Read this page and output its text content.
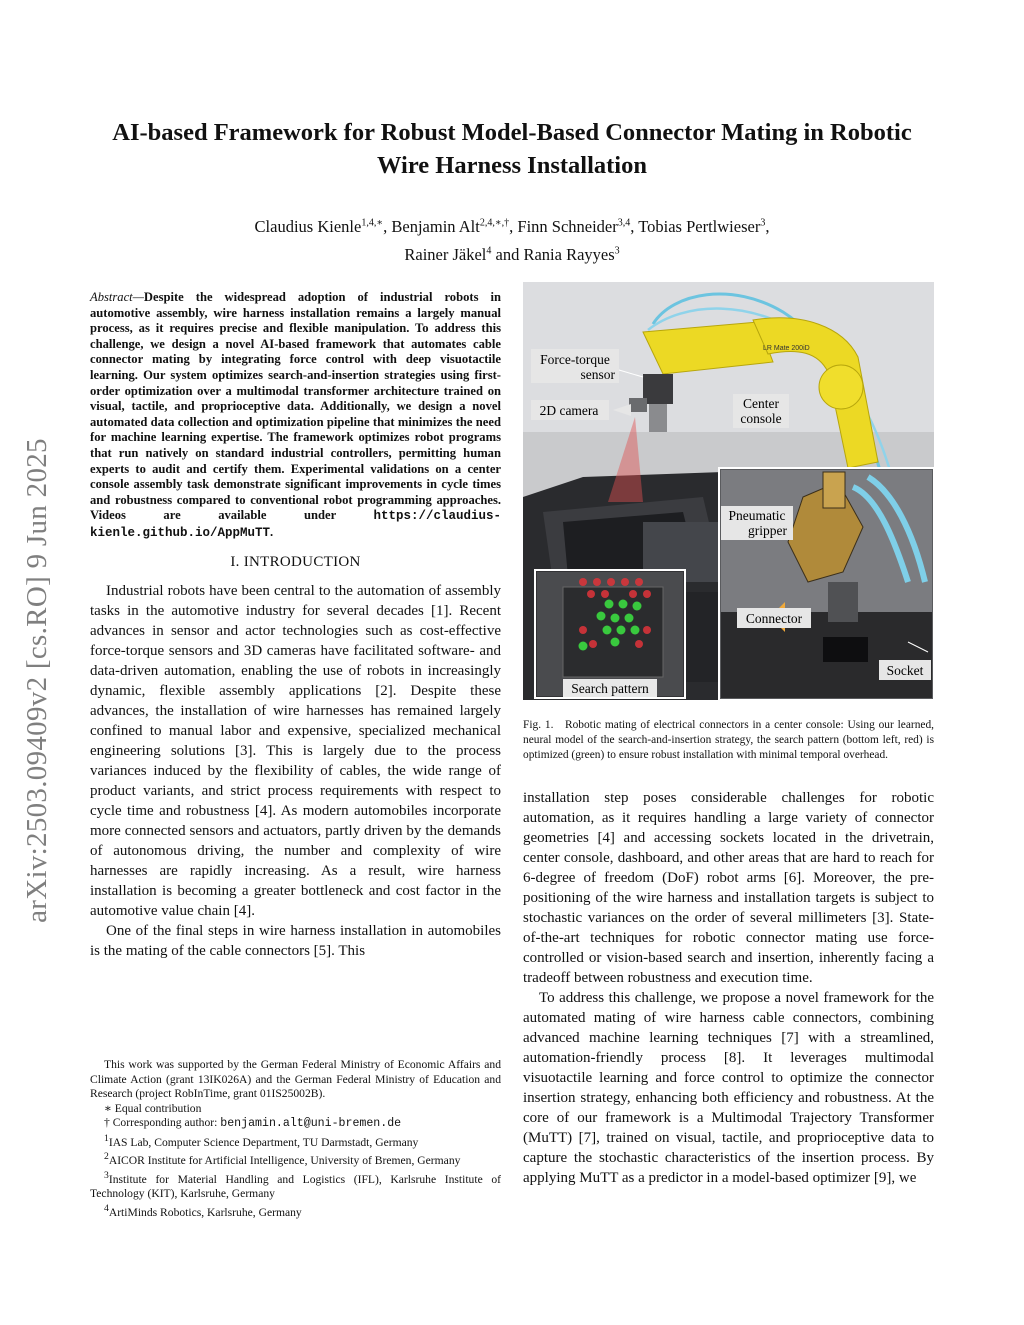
arXiv:2503.09409v2 [cs.RO] 9 Jun 2025
AI-based Framework for Robust Model-Based Connector Mating in Robotic Wire Harness Installation
Claudius Kienle$^{1,4,∗}$, Benjamin Alt$^{2,4,∗,\dagger}$, Finn Schneider$^{3,4}$, Tobias Pertlwieser$^3$,
Rainer Jäkel$^4$ and Rania Rayyes$^3$
Abstract—Despite the widespread adoption of industrial robots in automotive assembly, wire harness installation remains a largely manual process, as it requires precise and flexible manipulation. To address this challenge, we design a novel AI-based framework that automates cable connector mating by integrating force control with deep visuotactile learning. Our system optimizes search-and-insertion strategies using first-order optimization over a multimodal transformer architecture trained on visual, tactile, and proprioceptive data. Additionally, we design a novel automated data collection and optimization pipeline that minimizes the need for machine learning expertise. The framework optimizes robot programs that run natively on standard industrial controllers, permitting human experts to audit and certify them. Experimental validations on a center console assembly task demonstrate significant improvements in cycle times and robustness compared to conventional robot programming approaches. Videos are available under	https://claudius-kienle.github.io/AppMuTT.
I. INTRODUCTION

Industrial robots have been central to the automation of assembly tasks in the automotive industry for several decades [1]. Recent advances in sensor and actor technologies such as cost-effective force-torque sensors and 3D cameras have facilitated software- and data-driven automation, enabling the use of robots in increasingly dynamic, flexible assembly applications [2]. Despite these advances, the installation of wire harnesses has remained largely confined to manual labor and expensive, specialized mechanical engineering solutions [3]. This is largely due to the process variances induced by the flexibility of cables, the wide range of product variants, and strict process requirements with respect to cycle time and robustness [4]. As modern automobiles incorporate more connected sensors and actuators, partly driven by the demands of autonomous driving, the number and complexity of wire harnesses are rapidly increasing. As a result, wire harness installation is becoming a greater bottleneck and cost factor in the automotive value chain [4].

One of the final steps in wire harness installation in automobiles is the mating of the cable connectors [5]. This

This work was supported by the German Federal Ministry of Economic Affairs and Climate Action (grant 13IK026A) and the German Federal Ministry of Education and Research (project RobInTime, grant 01IS25002B).

∗ Equal contribution

† Corresponding author: benjamin.alt@uni-bremen.de

$^1$IAS Lab, Computer Science Department, TU Darmstadt, Germany

$^2$AICOR Institute for Artificial Intelligence, University of Bremen, Germany

$^3$Institute for Material Handling and Logistics (IFL), Karlsruhe Institute of Technology (KIT), Karlsruhe, Germany

$^4$ArtiMinds Robotics, Karlsruhe, Germany

LR Mate 200iD
Force-torque
sensor
2D camera	Center
console
Pneumatic
gripper
Connector
Socket
Search pattern
Fig. 1. Robotic mating of electrical connectors in a center console: Using our learned, neural model of the search-and-insertion strategy, the search pattern (bottom left, red) is optimized (green) to ensure robust installation with minimal temporal overhead.

installation step poses considerable challenges for robotic automation, as it requires handling a large variety of connector geometries [4] and accessing sockets located in the drivetrain, center console, dashboard, and other areas that are hard to reach for 6-degree of freedom (DoF) robot arms [6]. Moreover, the pre-positioning of the wire harness and installation targets is subject to stochastic variances on the order of several millimeters [3]. State-of-the-art techniques for robotic connector mating use force-controlled or vision-based search and insertion, inherently facing a tradeoff between robustness and execution time.

To address this challenge, we propose a novel framework for the automated mating of wire harness cable connectors, combining advanced machine learning techniques [7] with a streamlined, automation-friendly process [8]. It leverages multimodal visuotactile learning and force control to optimize the connector insertion strategy, enhancing both efficiency and robustness. At the core of our framework is a Multimodal Trajectory Transformer (MuTT) [7], trained on visual, tactile, and proprioceptive data to capture the stochastic characteristics of the insertion process. By applying MuTT as a predictor in a model-based optimizer [9], we
